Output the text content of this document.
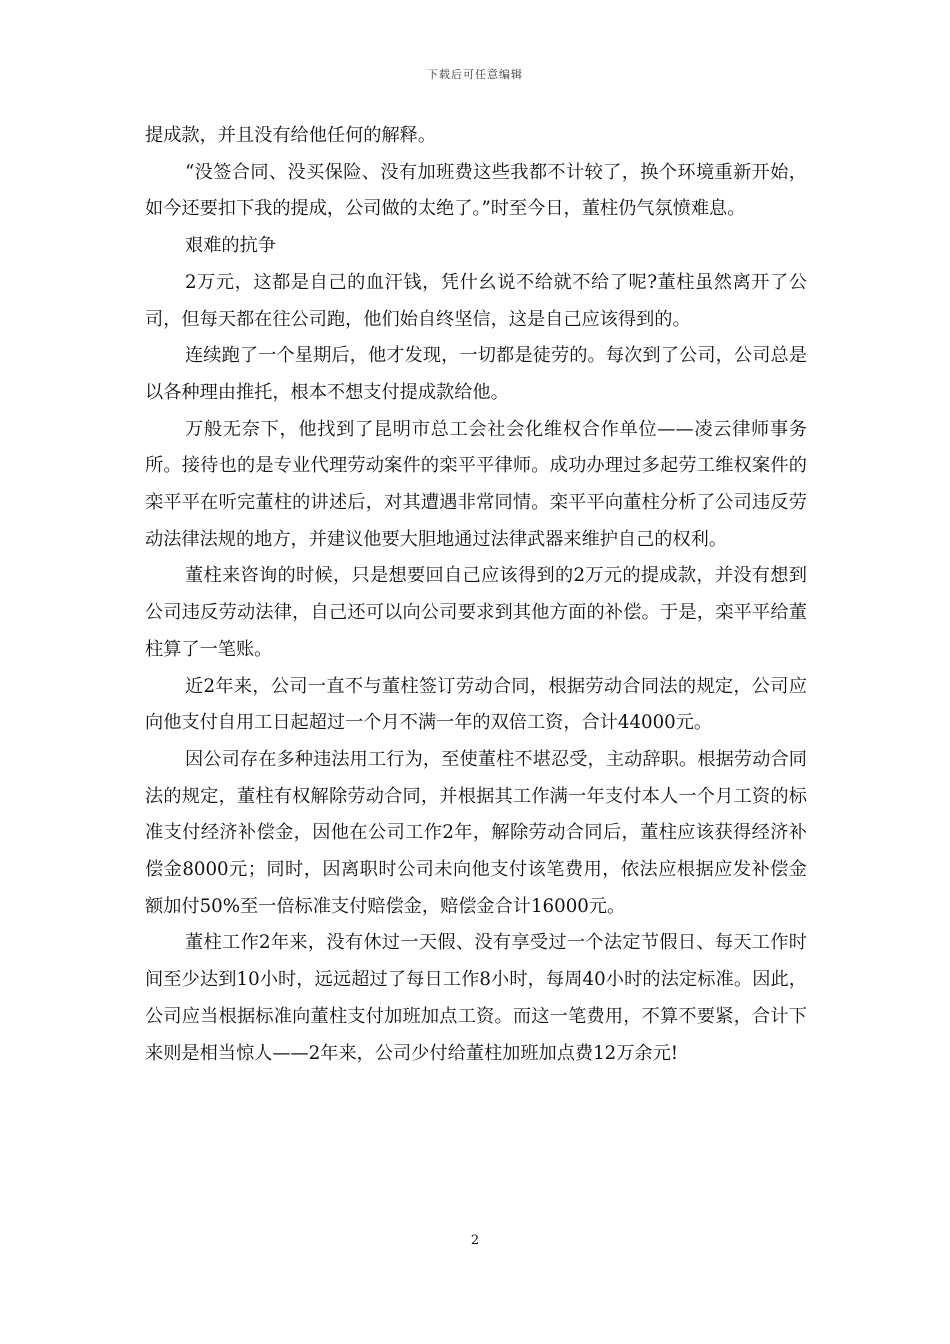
下载后可任意编辑

提成款，并且没有给他任何的解释。

“没签合同、没买保险、没有加班费这些我都不计较了，换个环境重新开始，如今还要扣下我的提成，公司做的太绝了。”时至今日，董柱仍气氛愤难息。

艰难的抗争

2万元，这都是自己的血汗钱，凭什幺说不给就不给了呢?董柱虽然离开了公司，但每天都在往公司跑，他们始自终坚信，这是自己应该得到的。

连续跑了一个星期后，他才发现，一切都是徒劳的。每次到了公司，公司总是以各种理由推托，根本不想支付提成款给他。

万般无奈下，他找到了昆明市总工会社会化维权合作单位——凌云律师事务所。接待也的是专业代理劳动案件的栾平平律师。成功办理过多起劳工维权案件的栾平平在听完董柱的讲述后，对其遭遇非常同情。栾平平向董柱分析了公司违反劳动法律法规的地方，并建议他要大胆地通过法律武器来维护自己的权利。

董柱来咨询的时候，只是想要回自己应该得到的2万元的提成款，并没有想到公司违反劳动法律，自己还可以向公司要求到其他方面的补偿。于是，栾平平给董柱算了一笔账。

近2年来，公司一直不与董柱签订劳动合同，根据劳动合同法的规定，公司应向他支付自用工日起超过一个月不满一年的双倍工资，合计44000元。

因公司存在多种违法用工行为，至使董柱不堪忍受，主动辞职。根据劳动合同法的规定，董柱有权解除劳动合同，并根据其工作满一年支付本人一个月工资的标准支付经济补偿金，因他在公司工作2年，解除劳动合同后，董柱应该获得经济补偿金8000元；同时，因离职时公司未向他支付该笔费用，依法应根据应发补偿金额加付50%至一倍标准支付赔偿金，赔偿金合计16000元。

董柱工作2年来，没有休过一天假、没有享受过一个法定节假日、每天工作时间至少达到10小时，远远超过了每日工作8小时，每周40小时的法定标准。因此，公司应当根据标准向董柱支付加班加点工资。而这一笔费用，不算不要紧，合计下来则是相当惊人——2年来，公司少付给董柱加班加点费12万余元!

2
